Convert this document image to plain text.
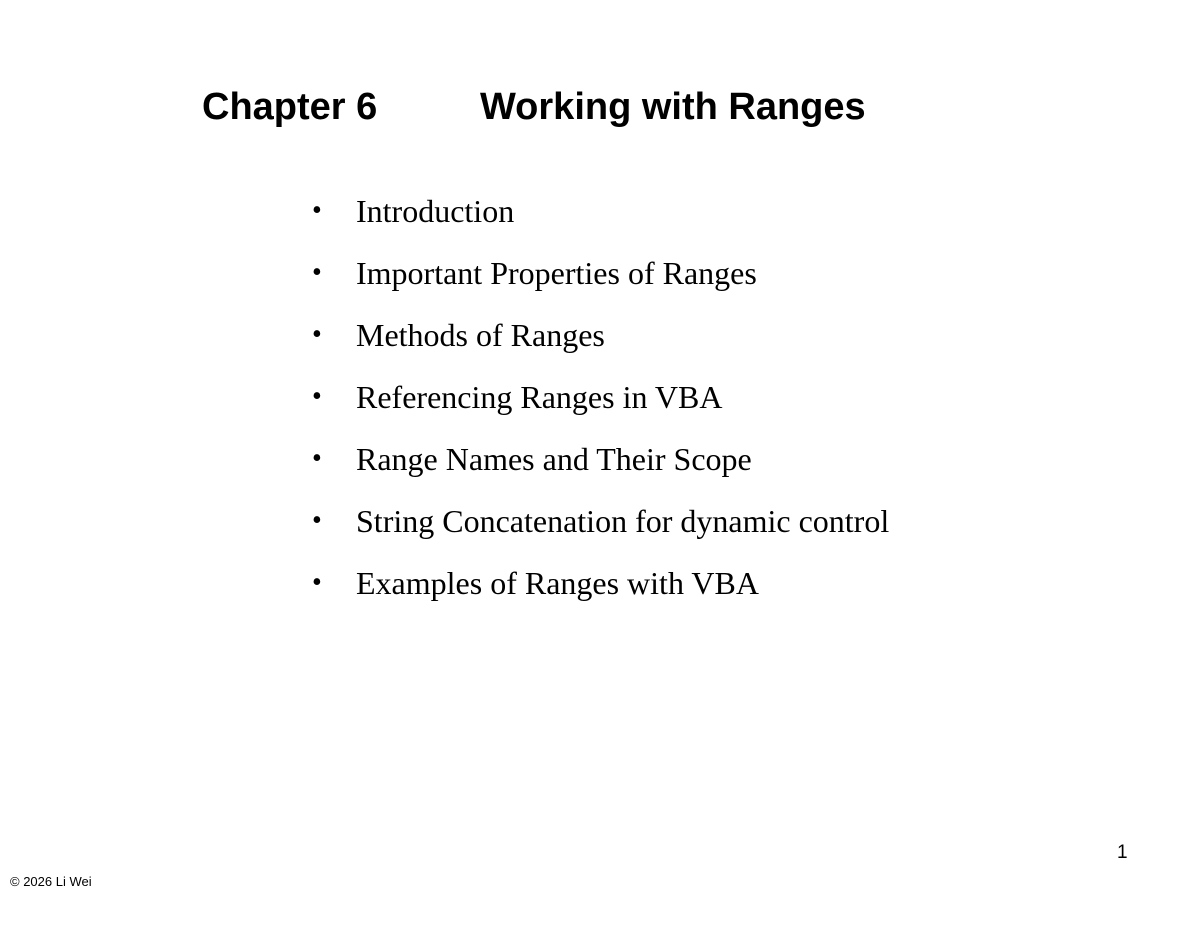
Chapter 6	Working with Ranges
•	Introduction
•	Important Properties of Ranges
•	Methods of Ranges
•	Referencing Ranges in VBA
•	Range Names and Their Scope
•	String Concatenation for dynamic control
•	Examples of Ranges with VBA
1
© 2026 Li Wei
